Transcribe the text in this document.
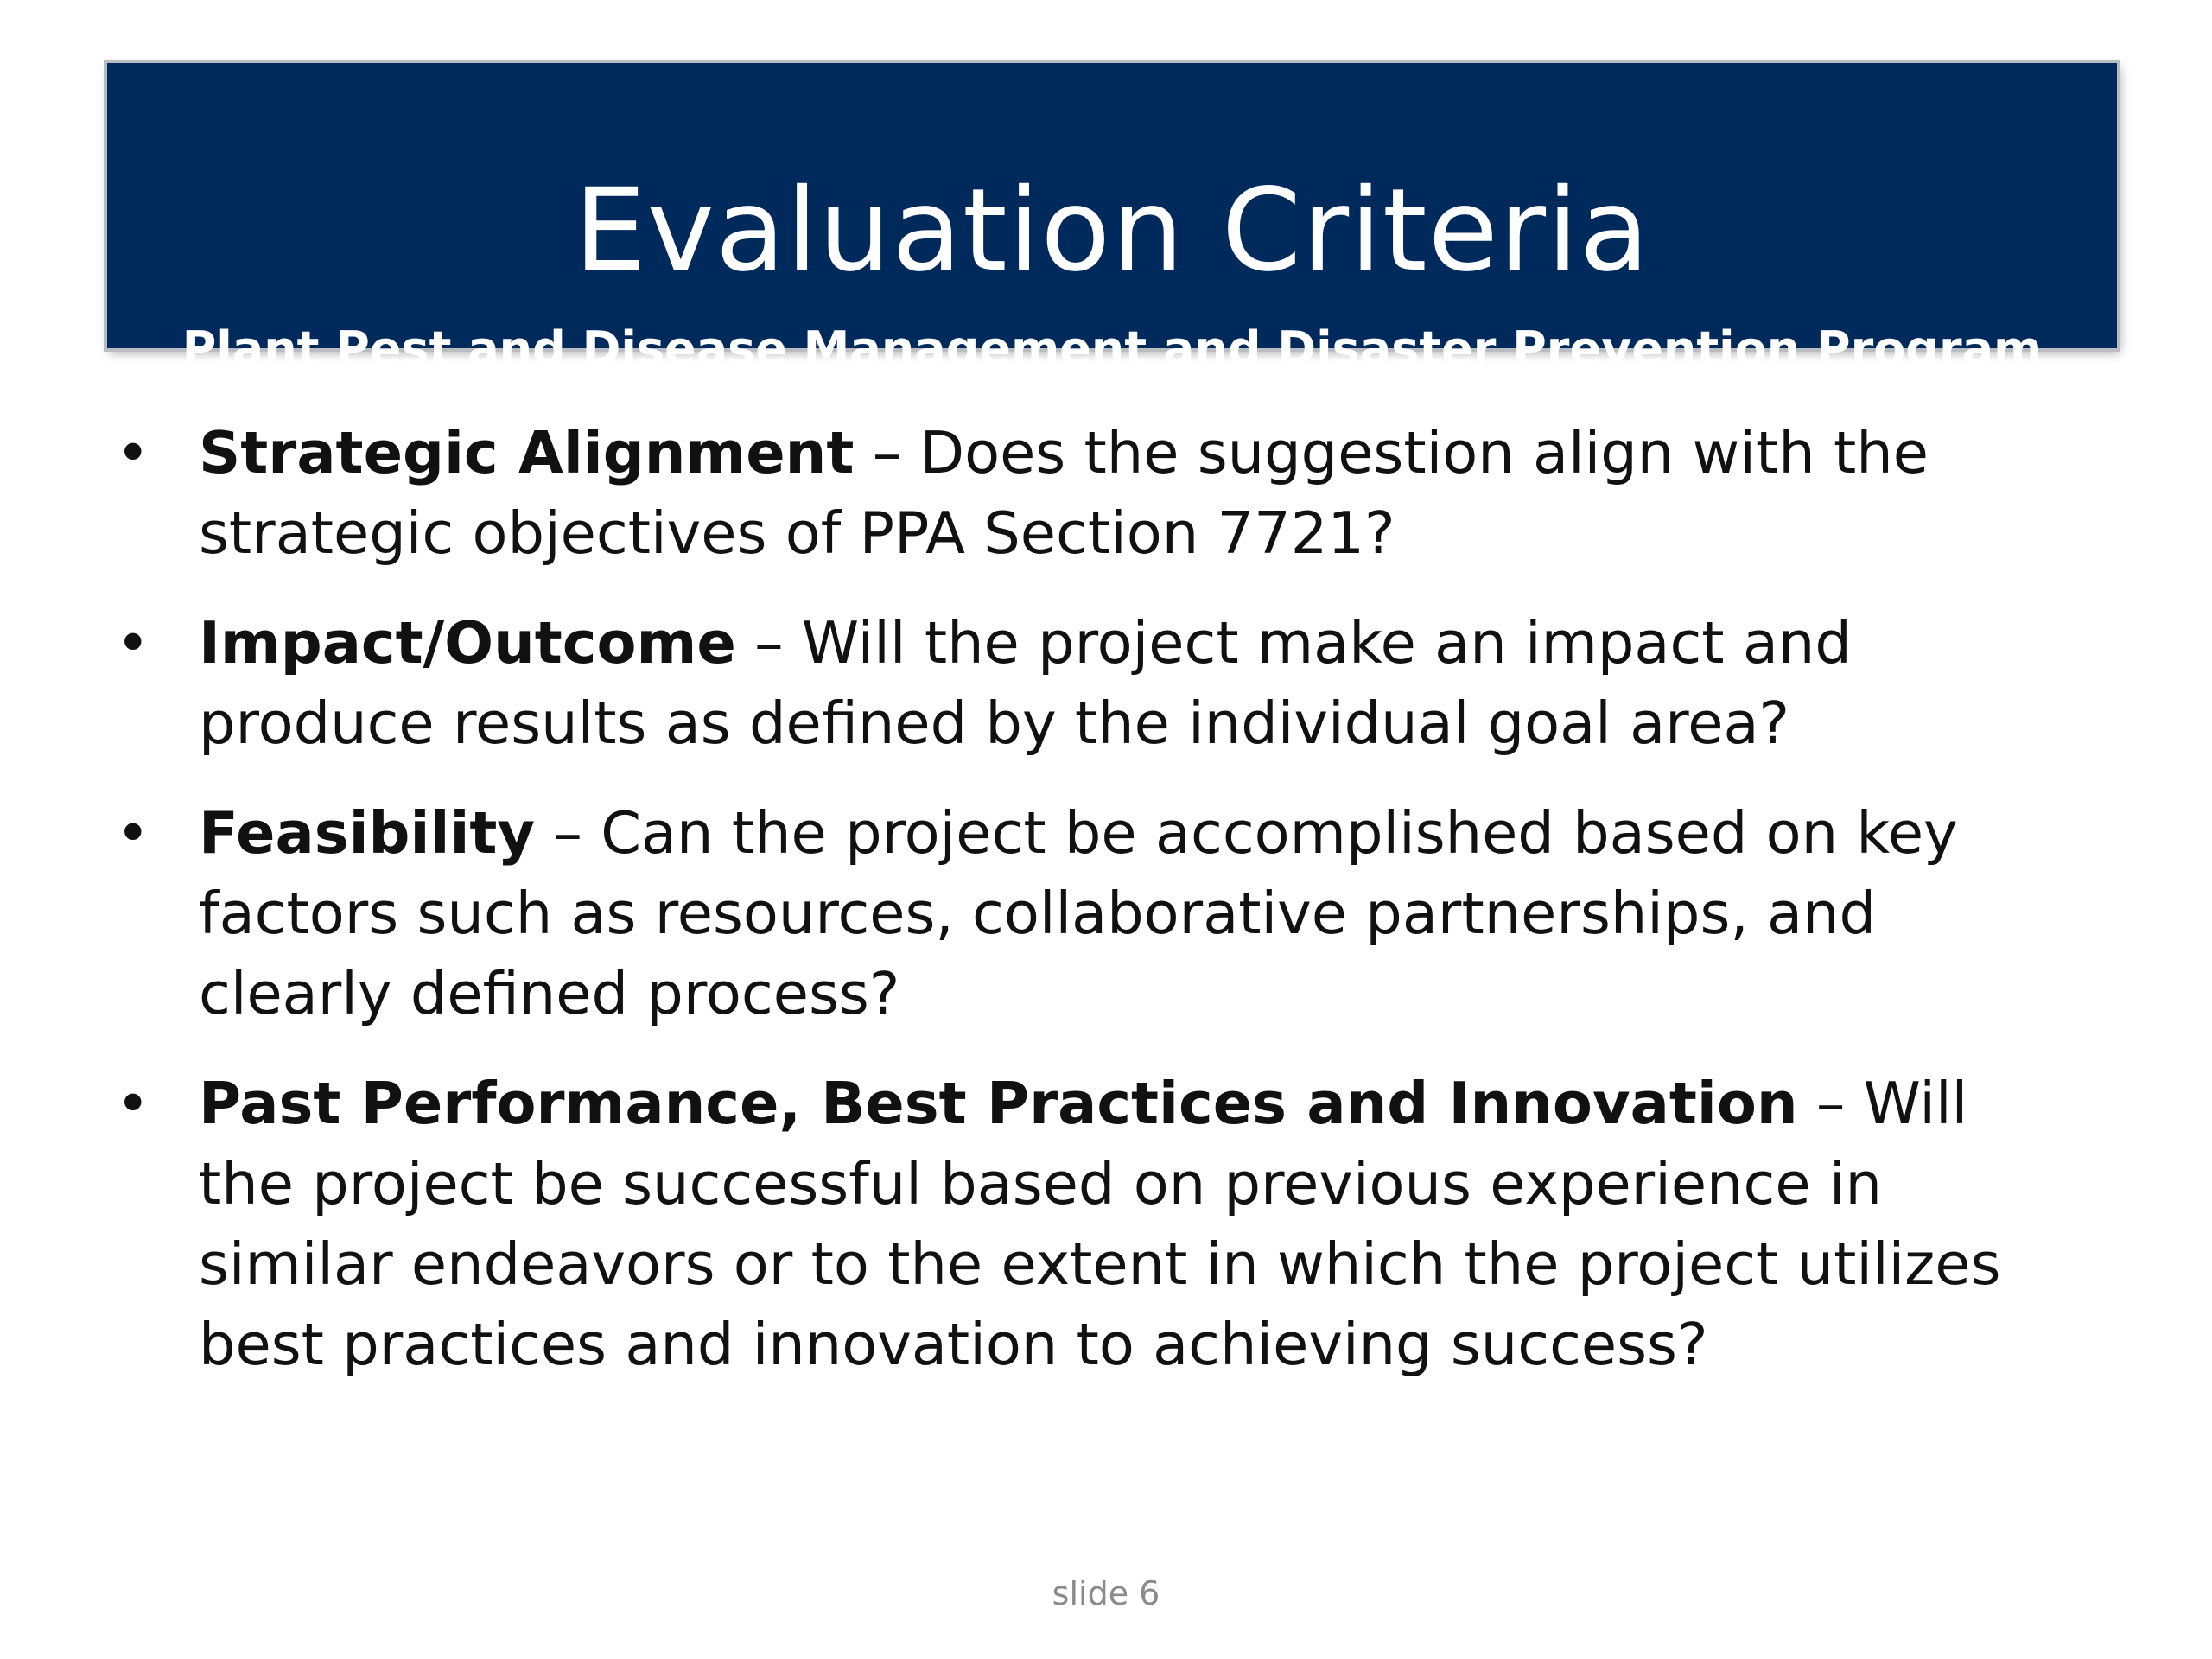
Evaluation Criteria
Plant Pest and Disease Management and Disaster Prevention Program
• Strategic Alignment – Does the suggestion align with the strategic objectives of PPA Section 7721?
• Impact/Outcome – Will the project make an impact and produce results as defined by the individual goal area?
• Feasibility – Can the project be accomplished based on key factors such as resources, collaborative partnerships, and clearly defined process?
• Past Performance, Best Practices and Innovation – Will the project be successful based on previous experience in similar endeavors or to the extent in which the project utilizes best practices and innovation to achieving success?
slide 6
